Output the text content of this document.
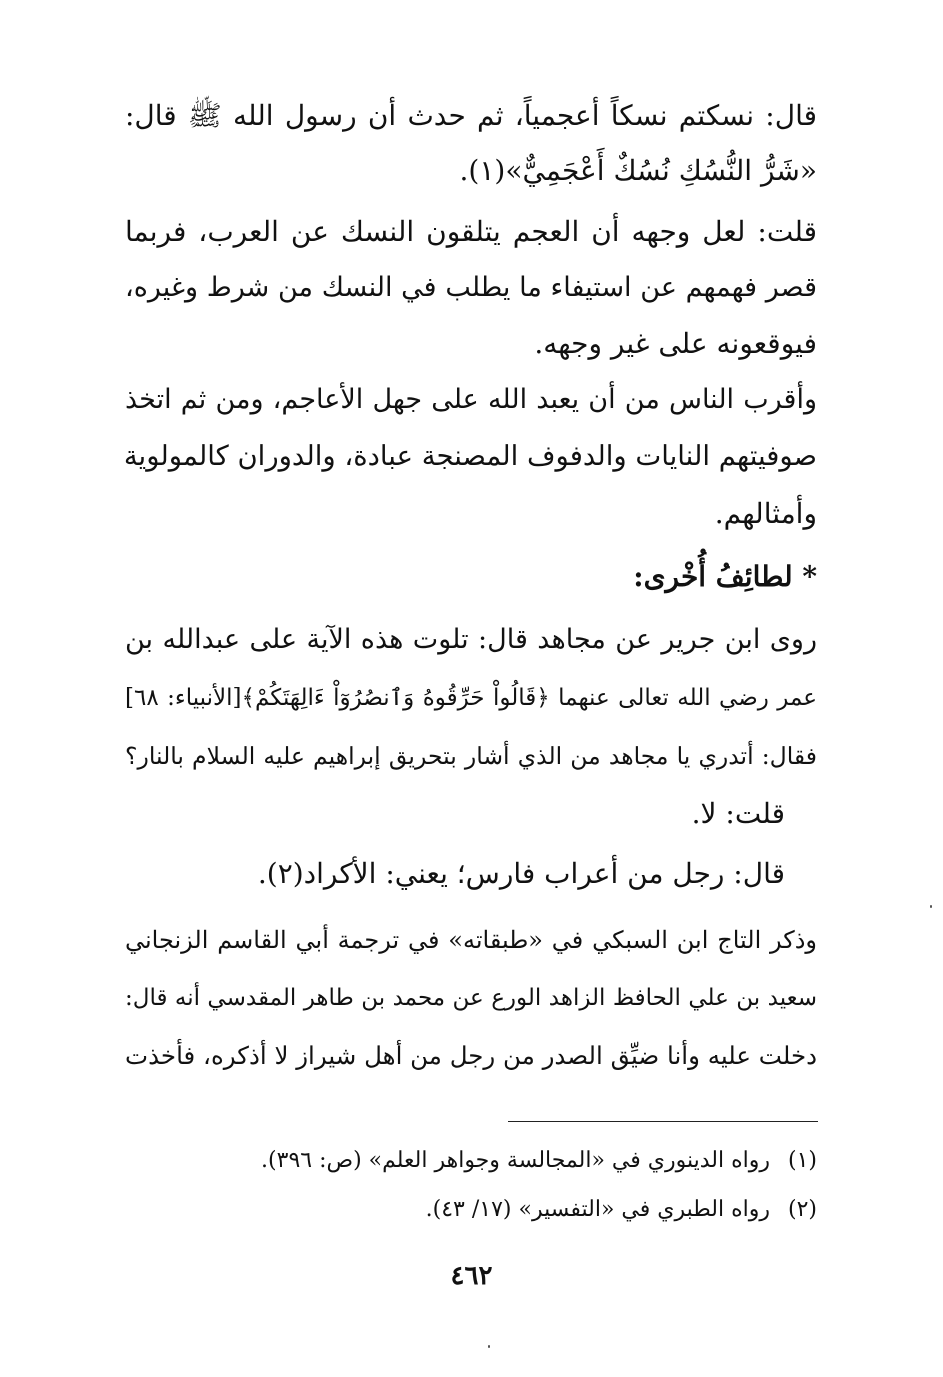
قال: نسكتم نسكاً أعجمياً، ثم حدث أن رسول الله ﷺ قال:
«شَرُّ النُّسُكِ نُسُكٌ أَعْجَمِيٌّ»(١).
قلت: لعل وجهه أن العجم يتلقون النسك عن العرب، فربما
قصر فهمهم عن استيفاء ما يطلب في النسك من شرط وغيره،
فيوقعونه على غير وجهه.
وأقرب الناس من أن يعبد الله على جهل الأعاجم، ومن ثم اتخذ
صوفيتهم النايات والدفوف المصنجة عبادة، والدوران كالمولوية
وأمثالهم.
* لطائِفُ أُخْرى:
روى ابن جرير عن مجاهد قال: تلوت هذه الآية على عبدالله بن
عمر رضي الله تعالى عنهما ﴿قَالُواْ حَرِّقُوهُ وَٱنصُرُوٓاْ ءَالِهَتَكُمْ﴾[الأنبياء: ٦٨]
فقال: أتدري يا مجاهد من الذي أشار بتحريق إبراهيم عليه السلام بالنار؟
قلت: لا.
قال: رجل من أعراب فارس؛ يعني: الأكراد(٢).
وذكر التاج ابن السبكي في «طبقاته» في ترجمة أبي القاسم الزنجاني
سعيد بن علي الحافظ الزاهد الورع عن محمد بن طاهر المقدسي أنه قال:
دخلت عليه وأنا ضيِّق الصدر من رجل من أهل شيراز لا أذكره، فأخذت
(١)رواه الدينوري في «المجالسة وجواهر العلم» (ص: ٣٩٦).
(٢)رواه الطبري في «التفسير» (١٧/ ٤٣).
٤٦٢
